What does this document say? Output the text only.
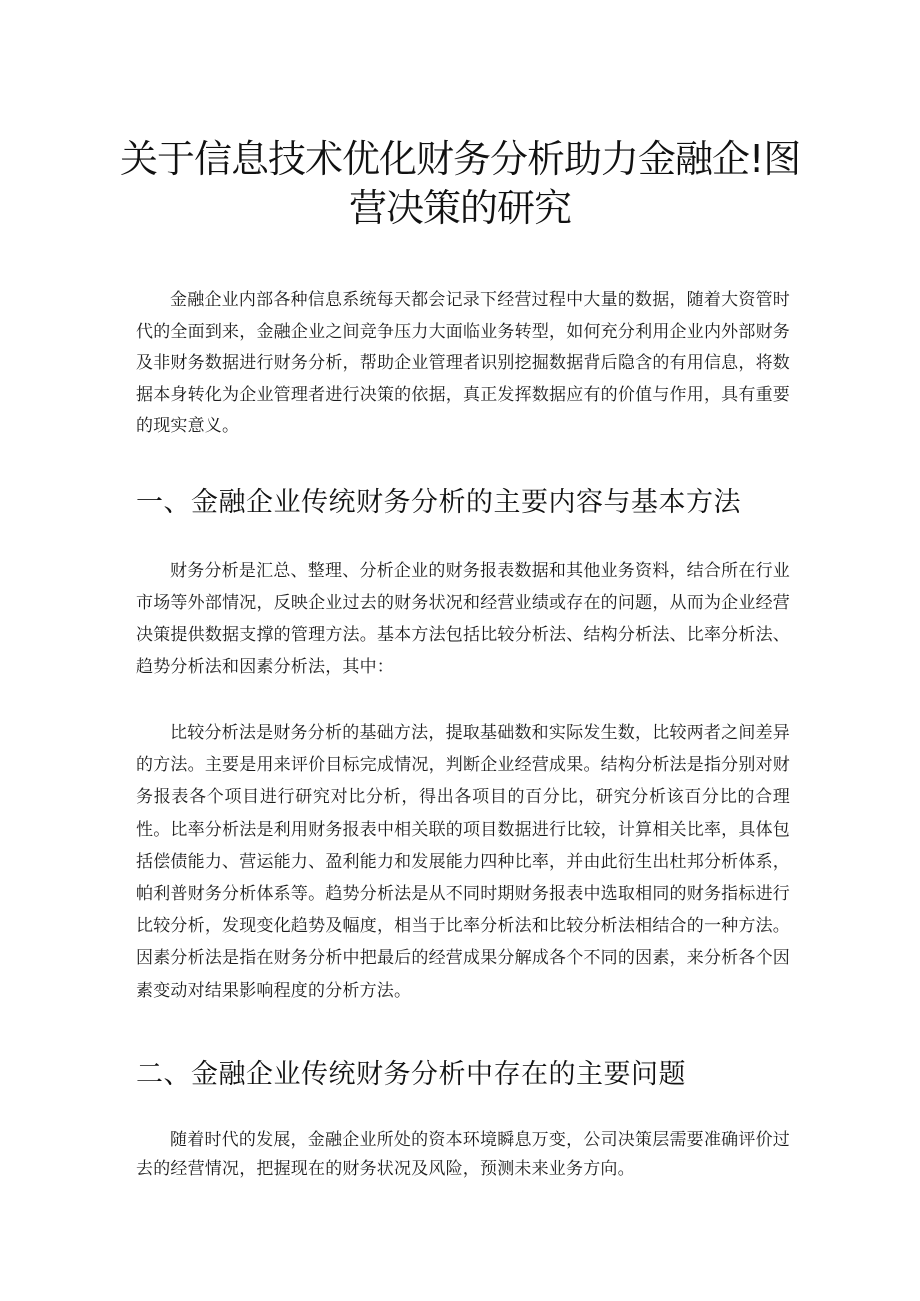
关于信息技术优化财务分析助力金融企!图
营决策的研究

金融企业内部各种信息系统每天都会记录下经营过程中大量的数据，随着大资管时代的全面到来，金融企业之间竞争压力大面临业务转型，如何充分利用企业内外部财务及非财务数据进行财务分析，帮助企业管理者识别挖掘数据背后隐含的有用信息，将数据本身转化为企业管理者进行决策的依据，真正发挥数据应有的价值与作用，具有重要的现实意义。

一、金融企业传统财务分析的主要内容与基本方法

财务分析是汇总、整理、分析企业的财务报表数据和其他业务资料，结合所在行业市场等外部情况，反映企业过去的财务状况和经营业绩或存在的问题，从而为企业经营决策提供数据支撑的管理方法。基本方法包括比较分析法、结构分析法、比率分析法、趋势分析法和因素分析法，其中：

比较分析法是财务分析的基础方法，提取基础数和实际发生数，比较两者之间差异的方法。主要是用来评价目标完成情况，判断企业经营成果。结构分析法是指分别对财务报表各个项目进行研究对比分析，得出各项目的百分比，研究分析该百分比的合理性。比率分析法是利用财务报表中相关联的项目数据进行比较，计算相关比率，具体包括偿债能力、营运能力、盈利能力和发展能力四种比率，并由此衍生出杜邦分析体系，帕利普财务分析体系等。趋势分析法是从不同时期财务报表中选取相同的财务指标进行比较分析，发现变化趋势及幅度，相当于比率分析法和比较分析法相结合的一种方法。因素分析法是指在财务分析中把最后的经营成果分解成各个不同的因素，来分析各个因素变动对结果影响程度的分析方法。

二、金融企业传统财务分析中存在的主要问题

随着时代的发展，金融企业所处的资本环境瞬息万变，公司决策层需要准确评价过去的经营情况，把握现在的财务状况及风险，预测未来业务方向。
